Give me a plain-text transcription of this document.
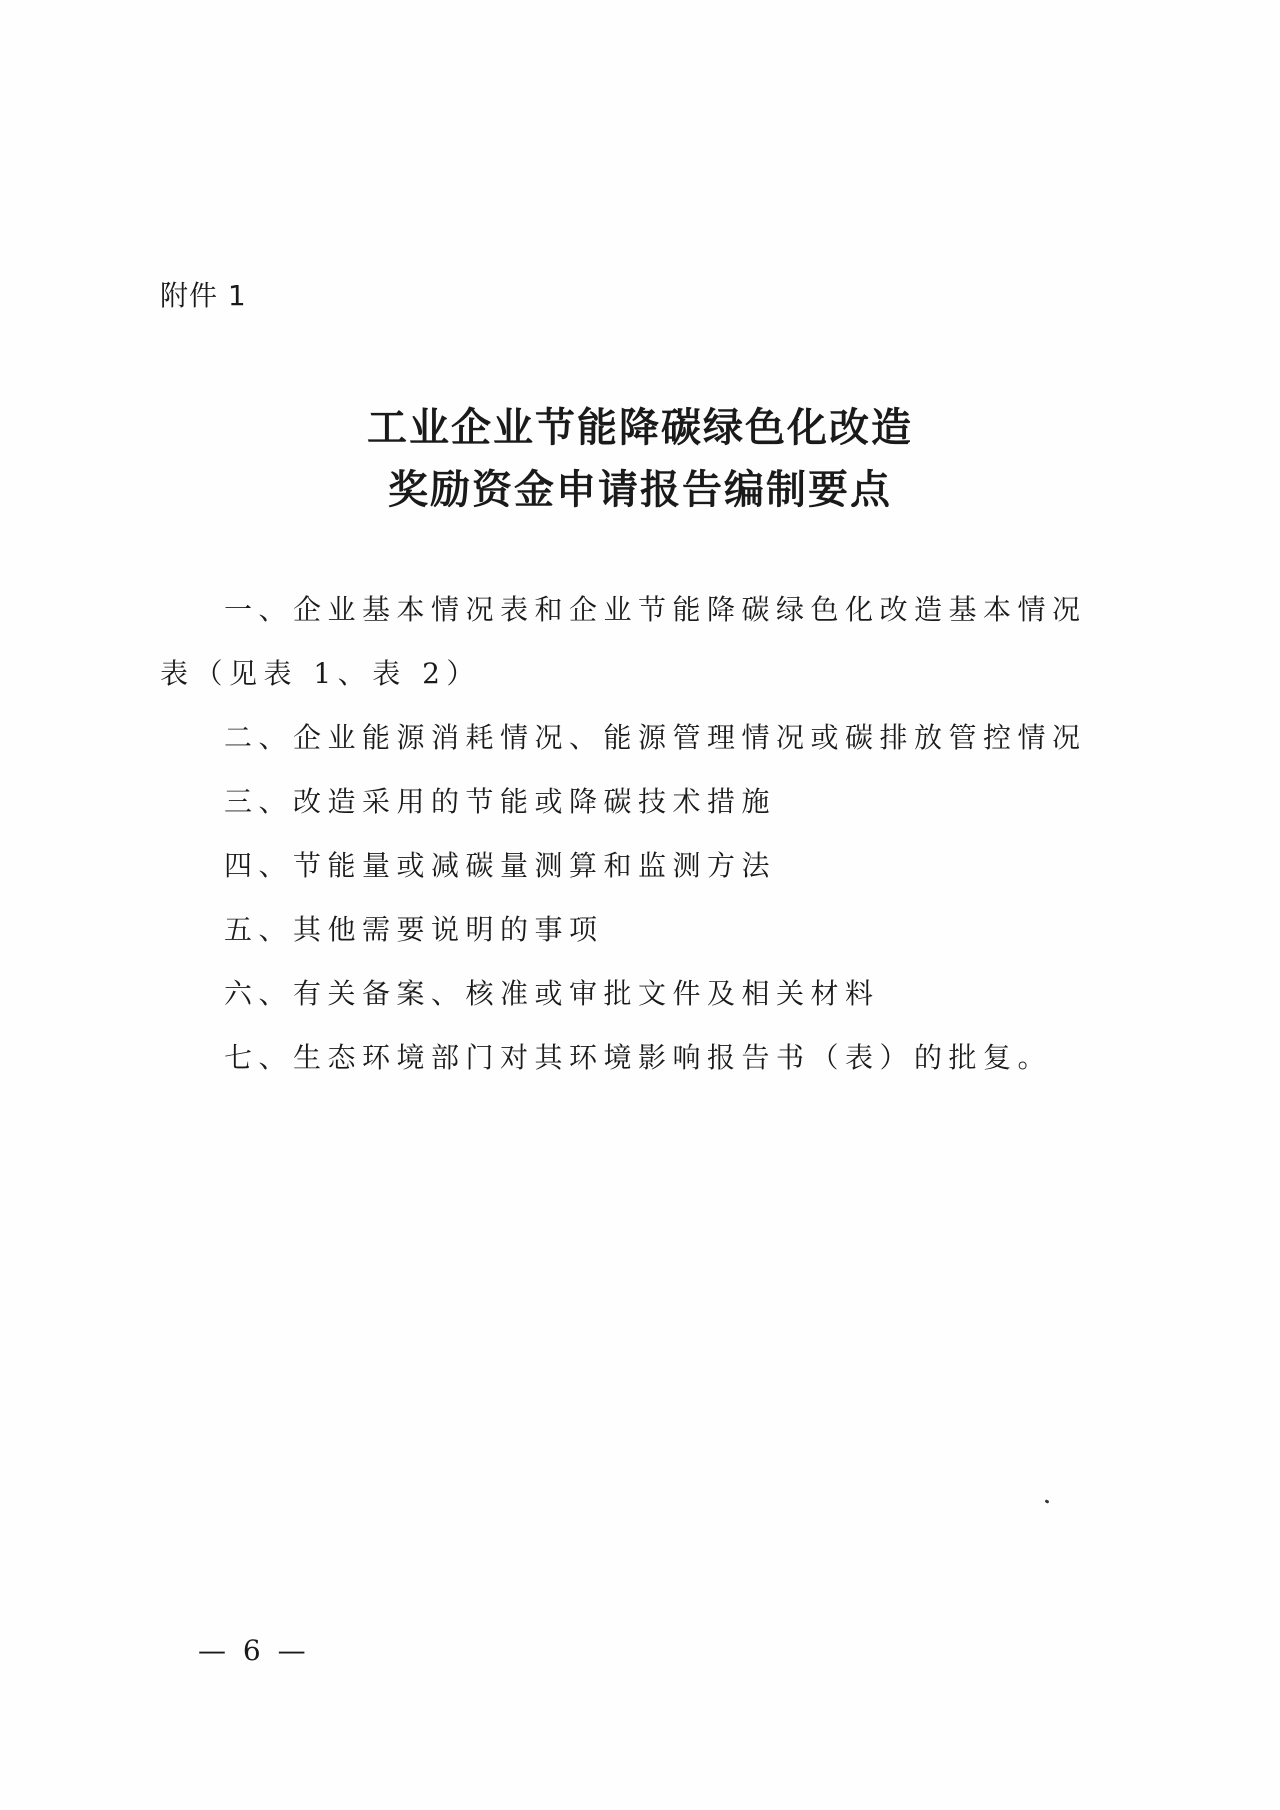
附件 1
工业企业节能降碳绿色化改造
奖励资金申请报告编制要点
一、企业基本情况表和企业节能降碳绿色化改造基本情况
表（见表 1、表 2）
二、企业能源消耗情况、能源管理情况或碳排放管控情况
三、改造采用的节能或降碳技术措施
四、节能量或减碳量测算和监测方法
五、其他需要说明的事项
六、有关备案、核准或审批文件及相关材料
七、生态环境部门对其环境影响报告书（表）的批复。
— 6 —
